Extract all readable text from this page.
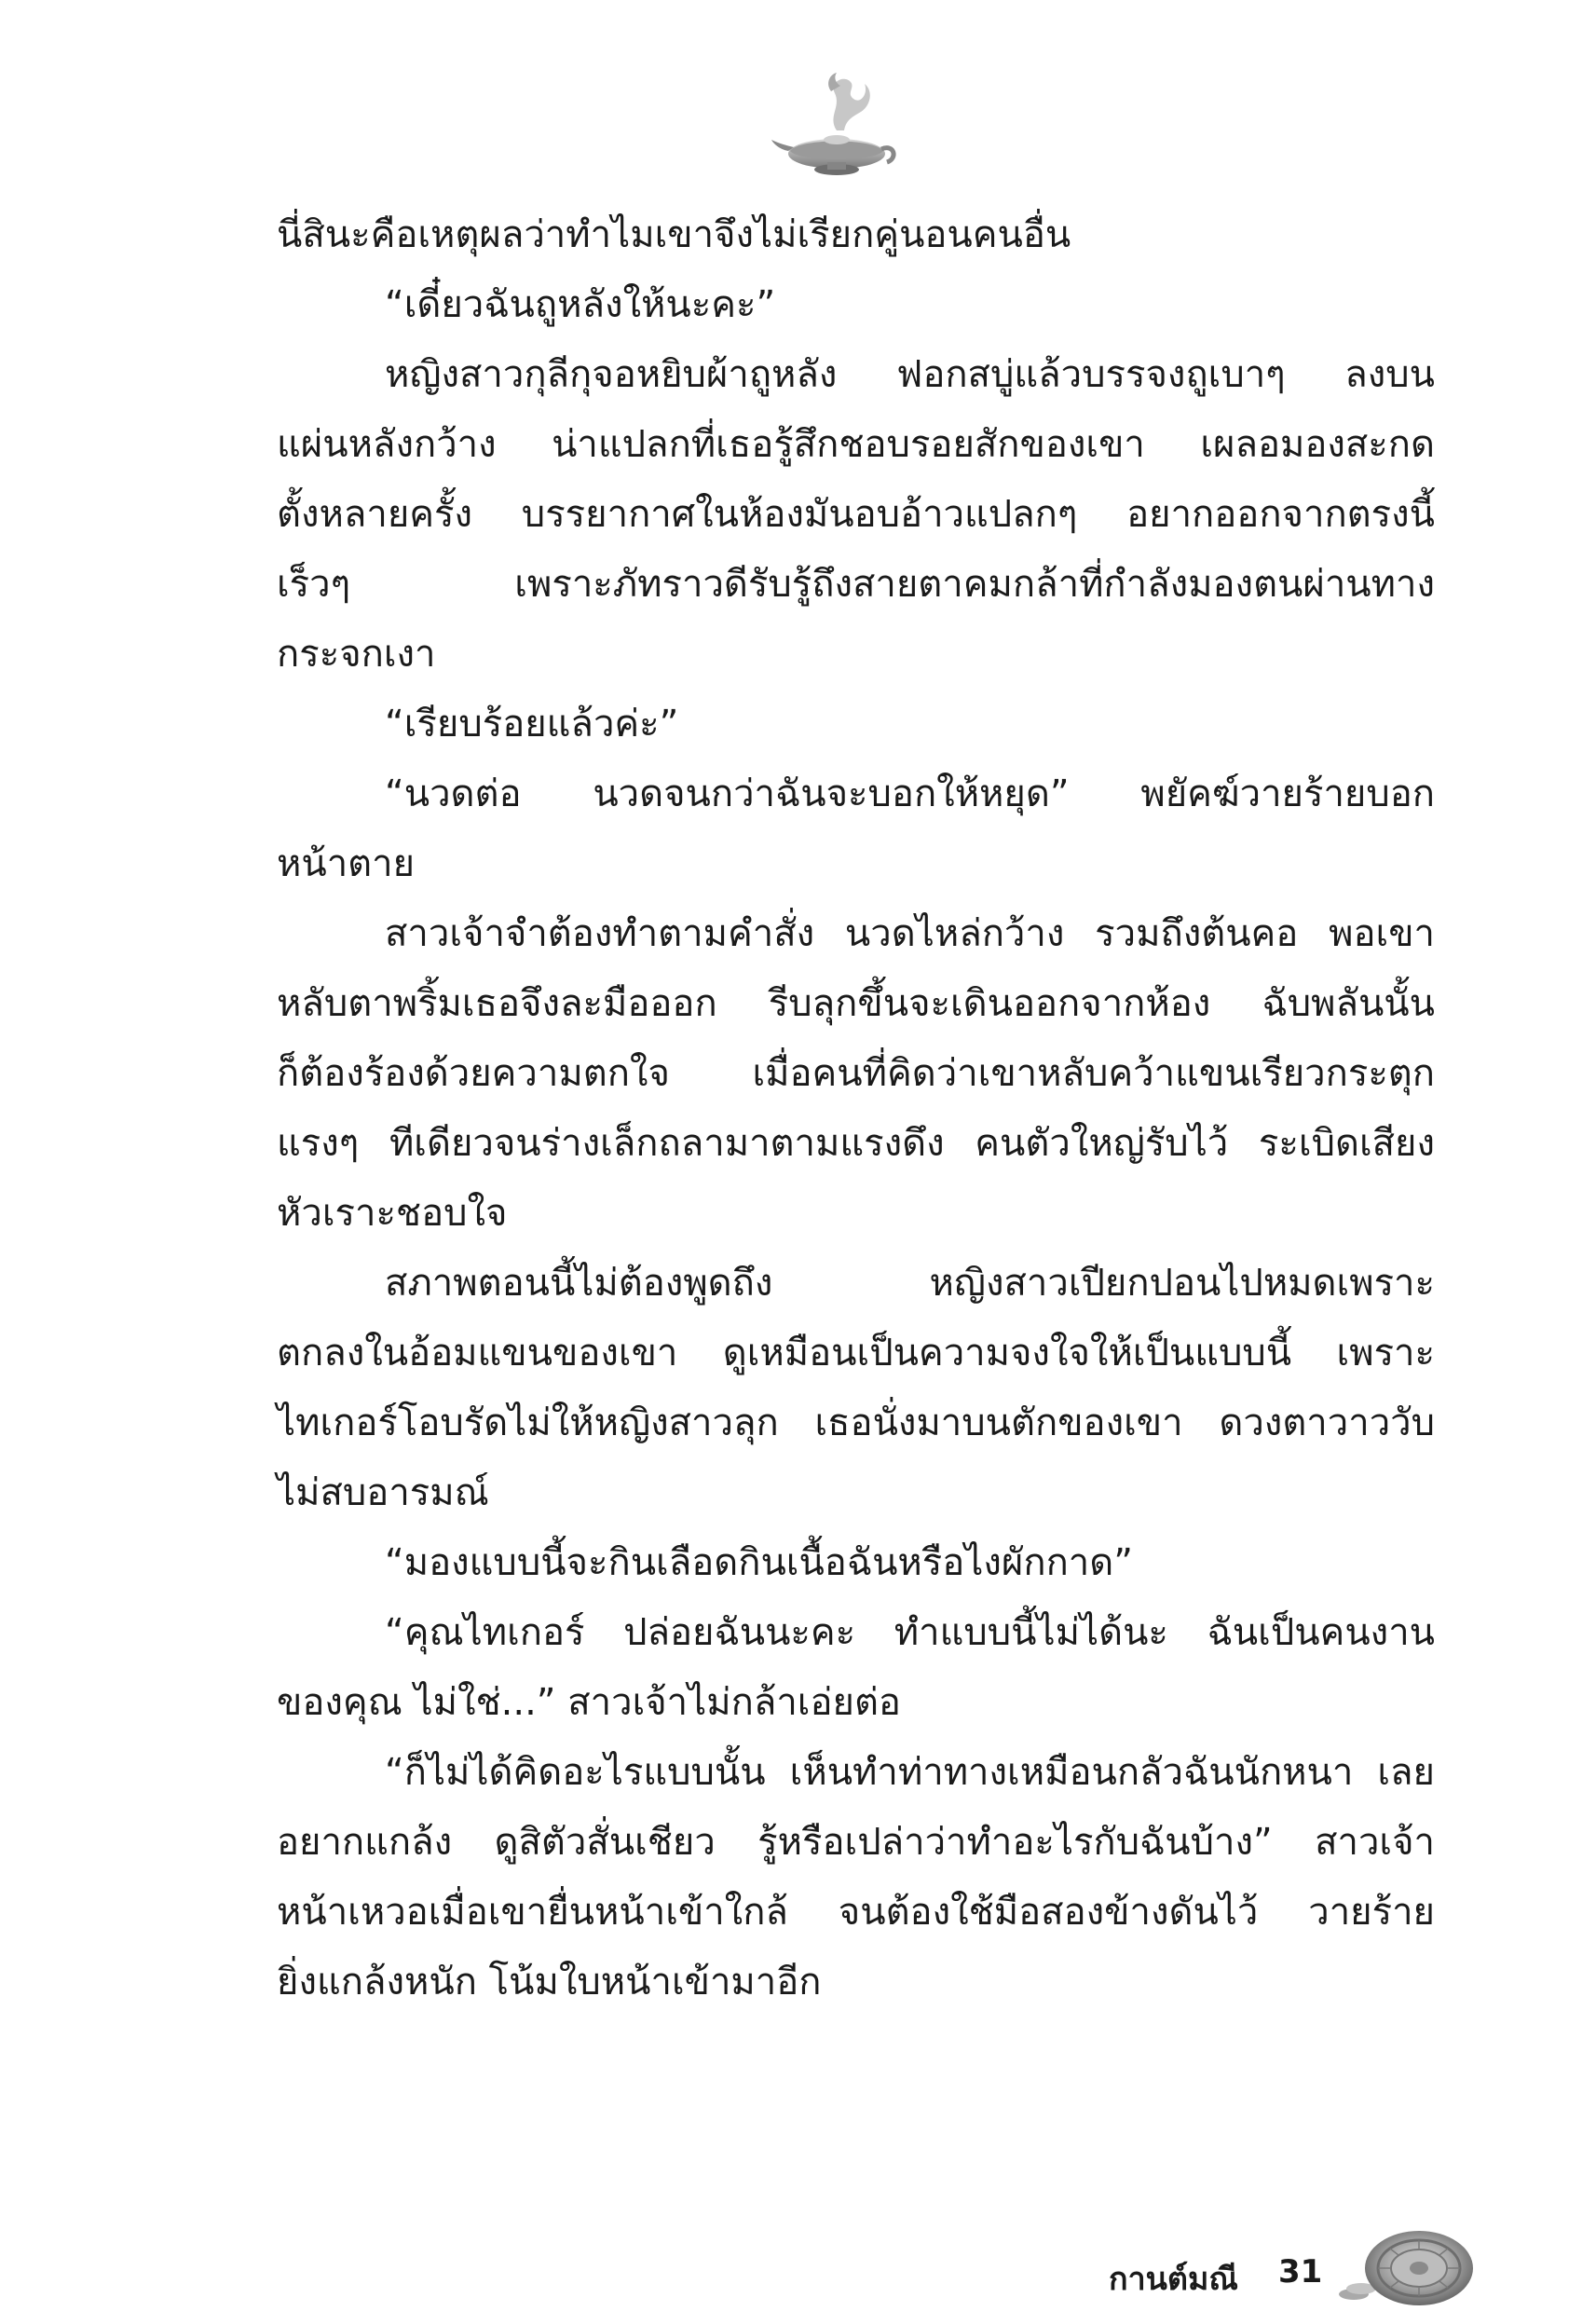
นี่สินะคือเหตุผลว่าทำไมเขาจึงไม่เรียกคู่นอนคนอื่น
“เดี๋ยวฉันถูหลังให้นะคะ”
หญิงสาวกุลีกุจอหยิบผ้าถูหลัง ฟอกสบู่แล้วบรรจงถูเบาๆ ลงบน
แผ่นหลังกว้าง น่าแปลกที่เธอรู้สึกชอบรอยสักของเขา เผลอมองสะกด
ตั้งหลายครั้ง บรรยากาศในห้องมันอบอ้าวแปลกๆ อยากออกจากตรงนี้
เร็วๆ เพราะภัทราวดีรับรู้ถึงสายตาคมกล้าที่กำลังมองตนผ่านทาง
กระจกเงา
“เรียบร้อยแล้วค่ะ”
“นวดต่อ นวดจนกว่าฉันจะบอกให้หยุด” พยัคฆ์วายร้ายบอก
หน้าตาย
สาวเจ้าจำต้องทำตามคำสั่ง นวดไหล่กว้าง รวมถึงต้นคอ พอเขา
หลับตาพริ้มเธอจึงละมือออก รีบลุกขึ้นจะเดินออกจากห้อง ฉับพลันนั้น
ก็ต้องร้องด้วยความตกใจ เมื่อคนที่คิดว่าเขาหลับคว้าแขนเรียวกระตุก
แรงๆ ทีเดียวจนร่างเล็กถลามาตามแรงดึง คนตัวใหญ่รับไว้ ระเบิดเสียง
หัวเราะชอบใจ
สภาพตอนนี้ไม่ต้องพูดถึง หญิงสาวเปียกปอนไปหมดเพราะ
ตกลงในอ้อมแขนของเขา ดูเหมือนเป็นความจงใจให้เป็นแบบนี้ เพราะ
ไทเกอร์โอบรัดไม่ให้หญิงสาวลุก เธอนั่งมาบนตักของเขา ดวงตาวาววับ
ไม่สบอารมณ์
“มองแบบนี้จะกินเลือดกินเนื้อฉันหรือไงผักกาด”
“คุณไทเกอร์ ปล่อยฉันนะคะ ทำแบบนี้ไม่ได้นะ ฉันเป็นคนงาน
ของคุณ ไม่ใช่...” สาวเจ้าไม่กล้าเอ่ยต่อ
“ก็ไม่ได้คิดอะไรแบบนั้น เห็นทำท่าทางเหมือนกลัวฉันนักหนา เลย
อยากแกล้ง ดูสิตัวสั่นเชียว รู้หรือเปล่าว่าทำอะไรกับฉันบ้าง” สาวเจ้า
หน้าเหวอเมื่อเขายื่นหน้าเข้าใกล้ จนต้องใช้มือสองข้างดันไว้ วายร้าย
ยิ่งแกล้งหนัก โน้มใบหน้าเข้ามาอีก
กานต์มณี 31
